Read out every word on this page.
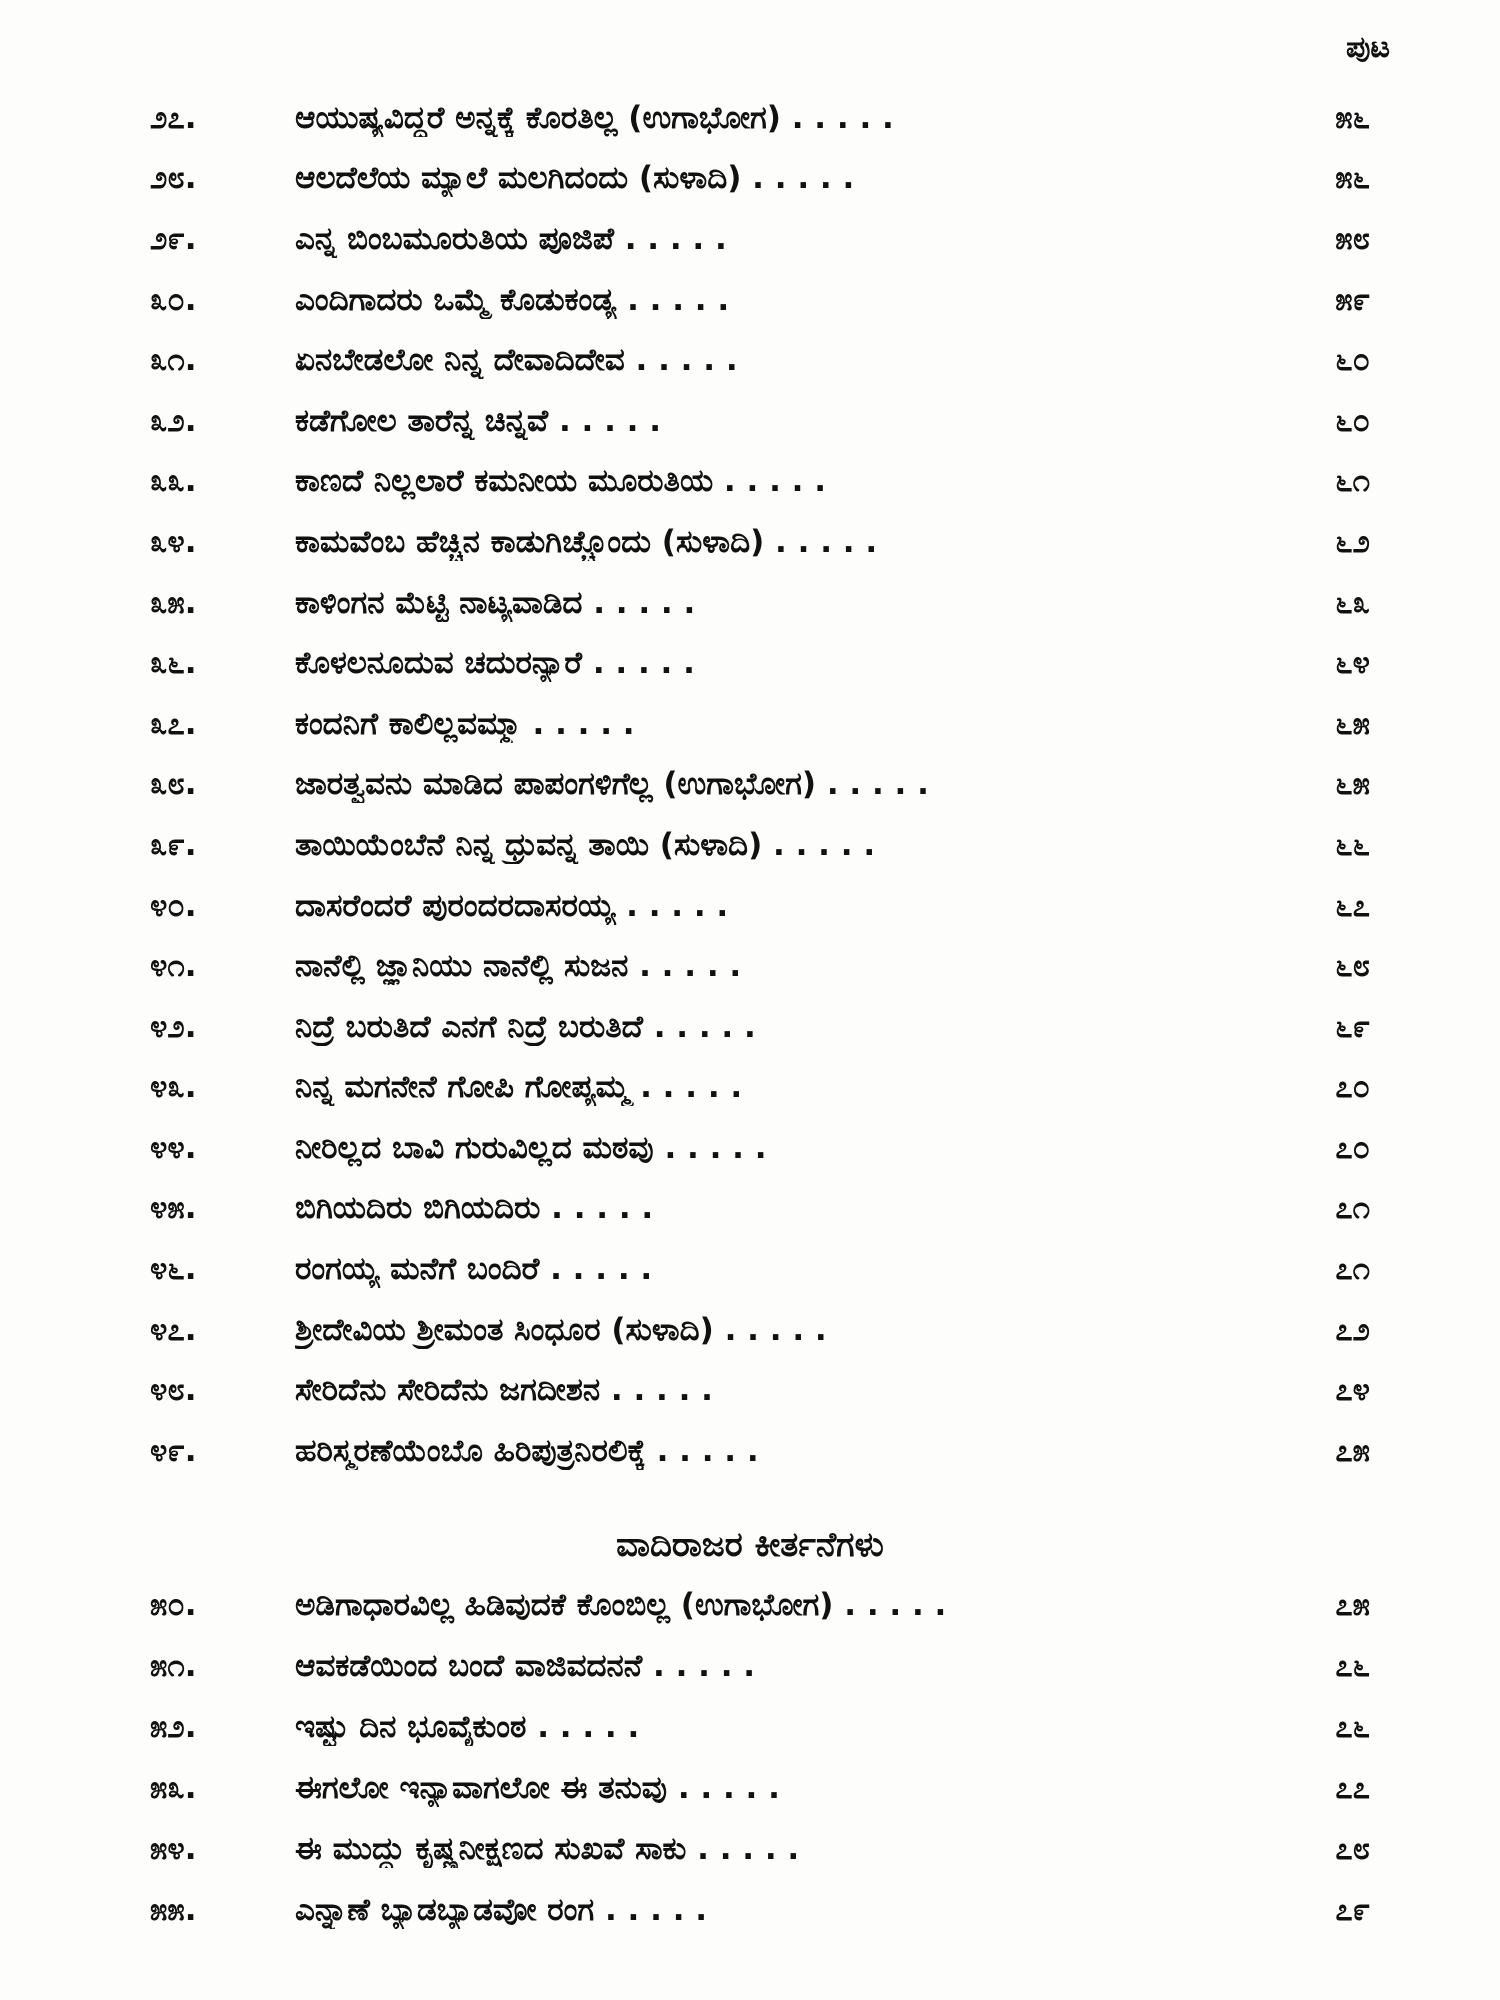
ಪುಟ
೨೭.	ಆಯುಷ್ಯವಿದ್ದರೆ ಅನ್ನಕ್ಕೆ ಕೊರತಿಲ್ಲ (ಉಗಾಭೋಗ) . . . . .	೫೬
೨೮.	ಆಲದೆಲೆಯ ಮ್ಯಾಲೆ ಮಲಗಿದಂದು (ಸುಳಾದಿ) . . . . .	೫೬
೨೯.	ಎನ್ನ ಬಿಂಬಮೂರುತಿಯ ಪೂಜಿಪೆ . . . . .	೫೮
೩೦.	ಎಂದಿಗಾದರು ಒಮ್ಮೆ ಕೊಡುಕಂಡ್ಯ . . . . .	೫೯
೩೧.	ಏನಬೇಡಲೋ ನಿನ್ನ ದೇವಾದಿದೇವ . . . . .	೬೦
೩೨.	ಕಡೆಗೋಲ ತಾರೆನ್ನ ಚಿನ್ನವೆ . . . . .	೬೦
೩೩.	ಕಾಣದೆ ನಿಲ್ಲಲಾರೆ ಕಮನೀಯ ಮೂರುತಿಯ . . . . .	೬೧
೩೪.	ಕಾಮವೆಂಬ ಹೆಚ್ಚಿನ ಕಾಡುಗಿಚ್ಚೊಂದು (ಸುಳಾದಿ) . . . . .	೬೨
೩೫.	ಕಾಳಿಂಗನ ಮೆಟ್ಟಿ ನಾಟ್ಯವಾಡಿದ . . . . .	೬೩
೩೬.	ಕೊಳಲನೂದುವ ಚದುರನ್ಯಾರೆ . . . . .	೬೪
೩೭.	ಕಂದನಿಗೆ ಕಾಲಿಲ್ಲವಮ್ಮಾ . . . . .	೬೫
೩೮.	ಜಾರತ್ವವನು ಮಾಡಿದ ಪಾಪಂಗಳಿಗೆಲ್ಲ (ಉಗಾಭೋಗ) . . . . .	೬೫
೩೯.	ತಾಯಿಯೆಂಬೆನೆ ನಿನ್ನ ಧ್ರುವನ್ನ ತಾಯಿ (ಸುಳಾದಿ) . . . . .	೬೬
೪೦.	ದಾಸರೆಂದರೆ ಪುರಂದರದಾಸರಯ್ಯ . . . . .	೬೭
೪೧.	ನಾನೆಲ್ಲಿ ಜ್ಞಾನಿಯು ನಾನೆಲ್ಲಿ ಸುಜನ . . . . .	೬೮
೪೨.	ನಿದ್ರೆ ಬರುತಿದೆ ಎನಗೆ ನಿದ್ರೆ ಬರುತಿದೆ . . . . .	೬೯
೪೩.	ನಿನ್ನ ಮಗನೇನೆ ಗೋಪಿ ಗೋಪ್ಯಮ್ಮ . . . . .	೭೦
೪೪.	ನೀರಿಲ್ಲದ ಬಾವಿ ಗುರುವಿಲ್ಲದ ಮಠವು . . . . .	೭೦
೪೫.	ಬಿಗಿಯದಿರು ಬಿಗಿಯದಿರು . . . . .	೭೧
೪೬.	ರಂಗಯ್ಯ ಮನೆಗೆ ಬಂದಿರೆ . . . . .	೭೧
೪೭.	ಶ್ರೀದೇವಿಯ ಶ್ರೀಮಂತ ಸಿಂಧೂರ (ಸುಳಾದಿ) . . . . .	೭೨
೪೮.	ಸೇರಿದೆನು ಸೇರಿದೆನು ಜಗದೀಶನ . . . . .	೭೪
೪೯.	ಹರಿಸ್ಮರಣೆಯೆಂಬೊ ಹಿರಿಪುತ್ರನಿರಲಿಕ್ಕೆ . . . . .	೭೫
ವಾದಿರಾಜರ ಕೀರ್ತನೆಗಳು
೫೦.	ಅಡಿಗಾಧಾರವಿಲ್ಲ ಹಿಡಿವುದಕೆ ಕೊಂಬಿಲ್ಲ (ಉಗಾಭೋಗ) . . . . .	೭೫
೫೧.	ಆವಕಡೆಯಿಂದ ಬಂದೆ ವಾಜಿವದನನೆ . . . . .	೭೬
೫೨.	ಇಷ್ಟು ದಿನ ಭೂವೈಕುಂಠ . . . . .	೭೬
೫೩.	ಈಗಲೋ ಇನ್ಯಾವಾಗಲೋ ಈ ತನುವು . . . . .	೭೭
೫೪.	ಈ ಮುದ್ದು ಕೃಷ್ಣನೀಕ್ಷಣದ ಸುಖವೆ ಸಾಕು . . . . .	೭೮
೫೫.	ಎನ್ನಾಣೆ ಬ್ಯಾಡಬ್ಯಾಡವೋ ರಂಗ . . . . .	೭೯
